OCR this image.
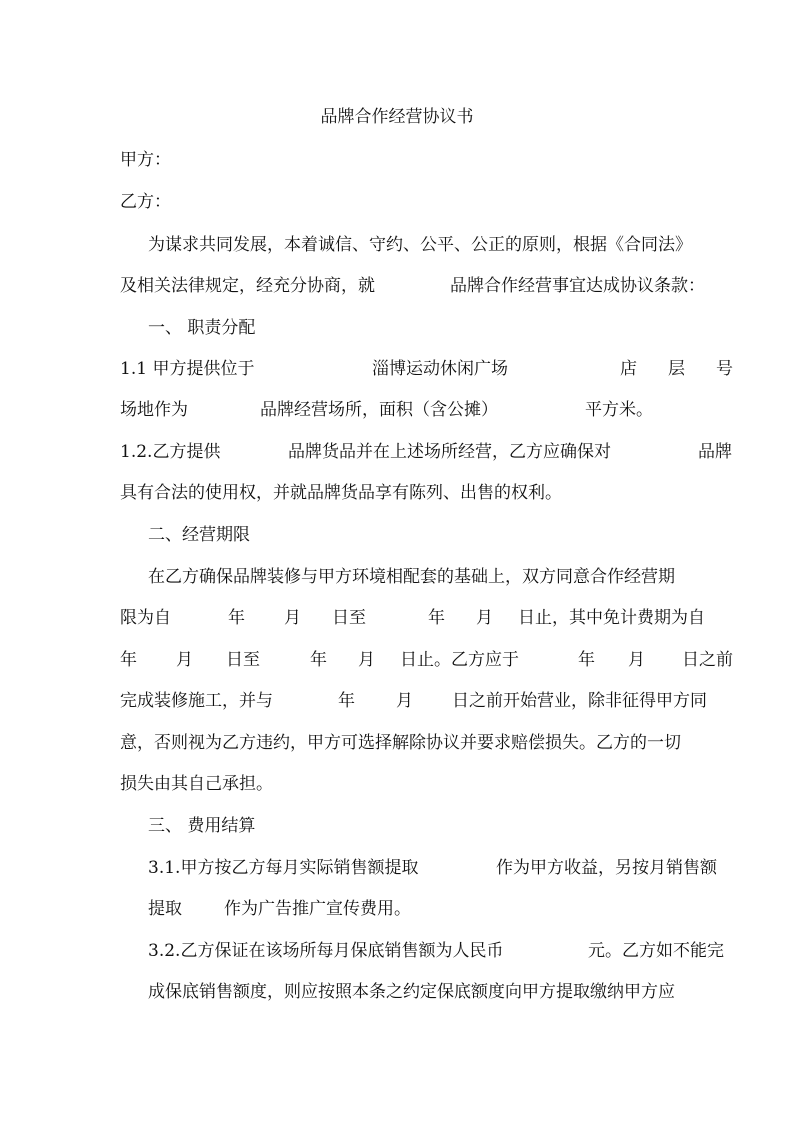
品牌合作经营协议书
甲方：
乙方：
为谋求共同发展，本着诚信、守约、公平、公正的原则，根据《合同法》
及相关法律规定，经充分协商，就	品牌合作经营事宜达成协议条款：
一、 职责分配
1.1 甲方提供位于	淄博运动休闲广场	店 层 号
场地作为	品牌经营场所，面积（含公摊）	平方米。
1.2.乙方提供	品牌货品并在上述场所经营，乙方应确保对	品牌
具有合法的使用权，并就品牌货品享有陈列、出售的权利。
二、经营期限
在乙方确保品牌装修与甲方环境相配套的基础上，双方同意合作经营期
限为自	年 月 日至	年 月 日止，其中免计费期为自
年 月 日至	年 月 日止。乙方应于	年 月 日之前
完成装修施工，并与	年 月 日之前开始营业，除非征得甲方同
意，否则视为乙方违约，甲方可选择解除协议并要求赔偿损失。乙方的一切
损失由其自己承担。
三、 费用结算
3.1.甲方按乙方每月实际销售额提取	作为甲方收益，另按月销售额
提取 作为广告推广宣传费用。
3.2.乙方保证在该场所每月保底销售额为人民币	元。乙方如不能完
成保底销售额度，则应按照本条之约定保底额度向甲方提取缴纳甲方应
